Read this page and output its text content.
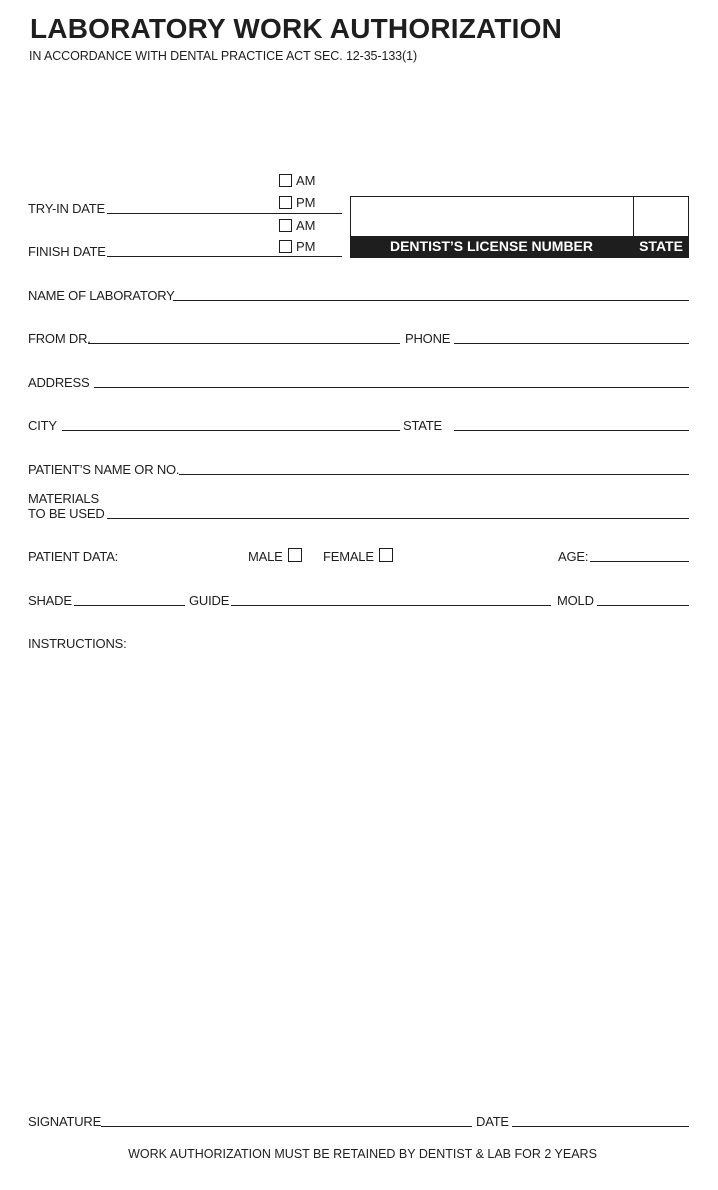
LABORATORY WORK AUTHORIZATION
IN ACCORDANCE WITH DENTAL PRACTICE ACT SEC. 12-35-133(1)
TRY-IN DATE
AM
PM
FINISH DATE
AM
PM	DENTIST’S LICENSE NUMBER	STATE
NAME OF LABORATORY
FROM DR.	PHONE
ADDRESS
CITY	STATE
PATIENT’S NAME OR NO.
MATERIALS
TO BE USED
PATIENT DATA:	MALE	FEMALE	AGE:
SHADE	GUIDE	MOLD
INSTRUCTIONS:
SIGNATURE	DATE
WORK AUTHORIZATION MUST BE RETAINED BY DENTIST & LAB FOR 2 YEARS
